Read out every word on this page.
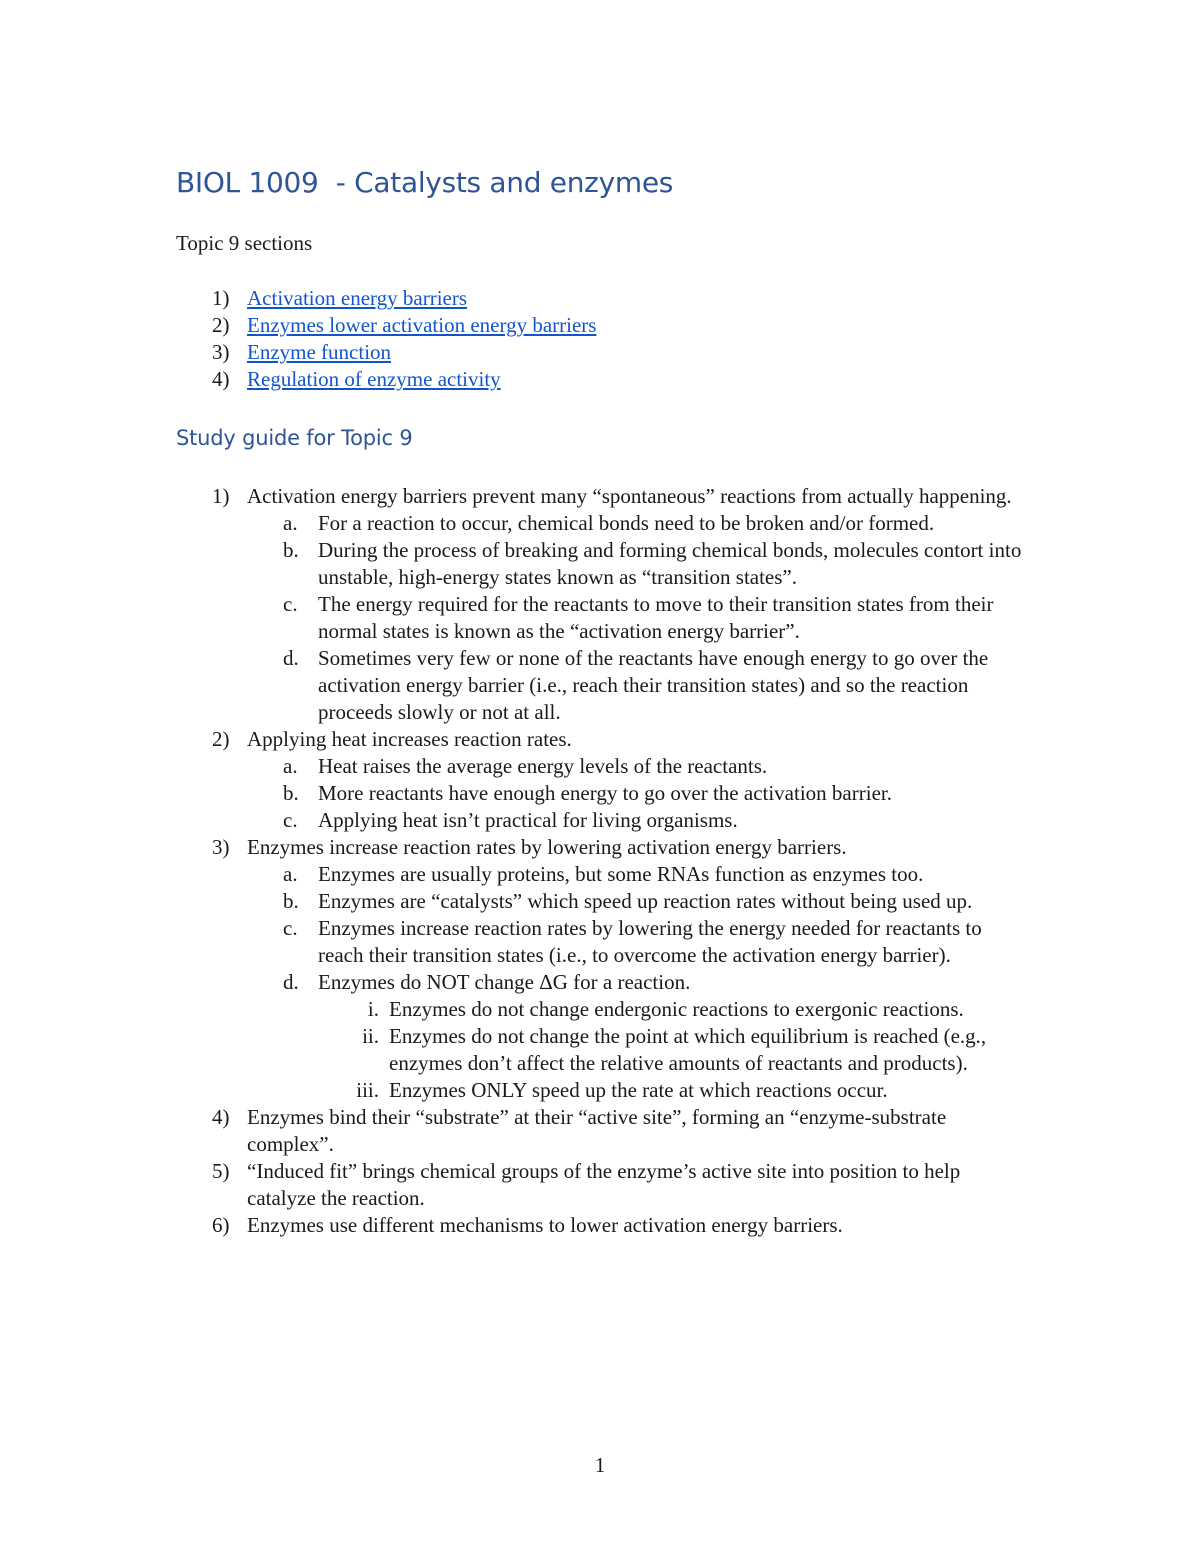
BIOL 1009  - Catalysts and enzymes
Topic 9 sections
1) Activation energy barriers
2) Enzymes lower activation energy barriers
3) Enzyme function
4) Regulation of enzyme activity
Study guide for Topic 9
1) Activation energy barriers prevent many “spontaneous” reactions from actually happening.
a. For a reaction to occur, chemical bonds need to be broken and/or formed.
b. During the process of breaking and forming chemical bonds, molecules contort into unstable, high-energy states known as “transition states”.
c. The energy required for the reactants to move to their transition states from their normal states is known as the “activation energy barrier”.
d. Sometimes very few or none of the reactants have enough energy to go over the activation energy barrier (i.e., reach their transition states) and so the reaction proceeds slowly or not at all.
2) Applying heat increases reaction rates.
a. Heat raises the average energy levels of the reactants.
b. More reactants have enough energy to go over the activation barrier.
c. Applying heat isn’t practical for living organisms.
3) Enzymes increase reaction rates by lowering activation energy barriers.
a. Enzymes are usually proteins, but some RNAs function as enzymes too.
b. Enzymes are “catalysts” which speed up reaction rates without being used up.
c. Enzymes increase reaction rates by lowering the energy needed for reactants to reach their transition states (i.e., to overcome the activation energy barrier).
d. Enzymes do NOT change ΔG for a reaction.
i. Enzymes do not change endergonic reactions to exergonic reactions.
ii. Enzymes do not change the point at which equilibrium is reached (e.g., enzymes don’t affect the relative amounts of reactants and products).
iii. Enzymes ONLY speed up the rate at which reactions occur.
4) Enzymes bind their “substrate” at their “active site”, forming an “enzyme-substrate complex”.
5) “Induced fit” brings chemical groups of the enzyme’s active site into position to help catalyze the reaction.
6) Enzymes use different mechanisms to lower activation energy barriers.
1
